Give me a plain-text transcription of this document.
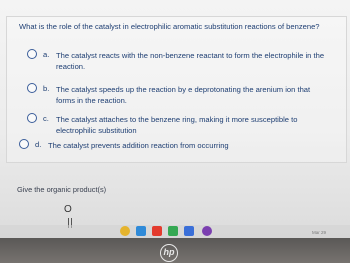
What is the role of the catalyst in electrophilic aromatic substitution reactions of benzene?
a. The catalyst reacts with the non-benzene reactant to form the electrophile in the
reaction.
b. The catalyst speeds up the reaction by e deprotonating the arenium ion that
forms in the reaction.
c. The catalyst attaches to the benzene ring, making it more susceptible to
electrophilic substitution
d. The catalyst prevents addition reaction from occurring
Give the organic product(s)
O
Mar 29
hp
